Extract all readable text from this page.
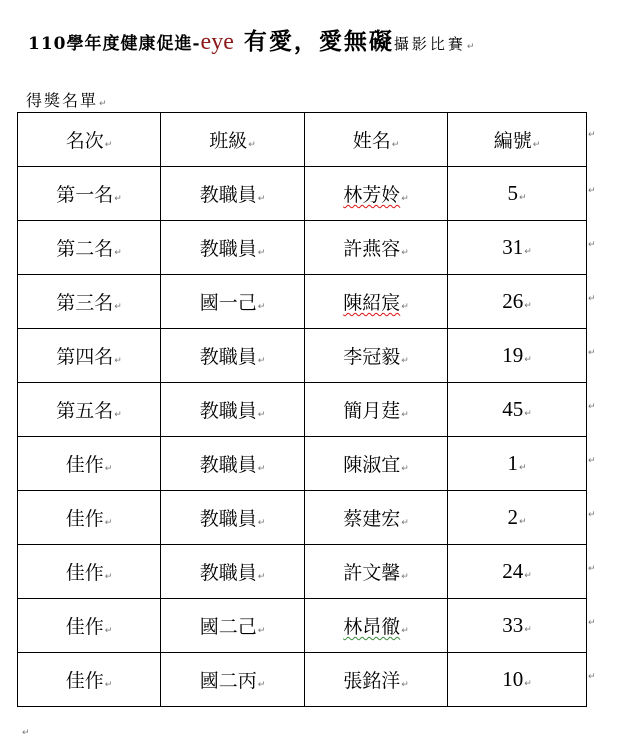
110學年度健康促進-eye 有愛，愛無礙攝影比賽↵
得獎名單↵
名次↵	班級↵	姓名↵	編號↵
第一名↵	教職員↵	林芳姈↵	5↵
第二名↵	教職員↵	許燕容↵	31↵
第三名↵	國一己↵	陳紹宸↵	26↵
第四名↵	教職員↵	李冠毅↵	19↵
第五名↵	教職員↵	簡月莛↵	45↵
佳作↵	教職員↵	陳淑宜↵	1↵
佳作↵	教職員↵	蔡建宏↵	2↵
佳作↵	教職員↵	許文馨↵	24↵
佳作↵	國二己↵	林昂徹↵	33↵
佳作↵	國二丙↵	張銘洋↵	10↵
↵
↵
↵
↵
↵
↵
↵
↵
↵
↵
↵
↵
